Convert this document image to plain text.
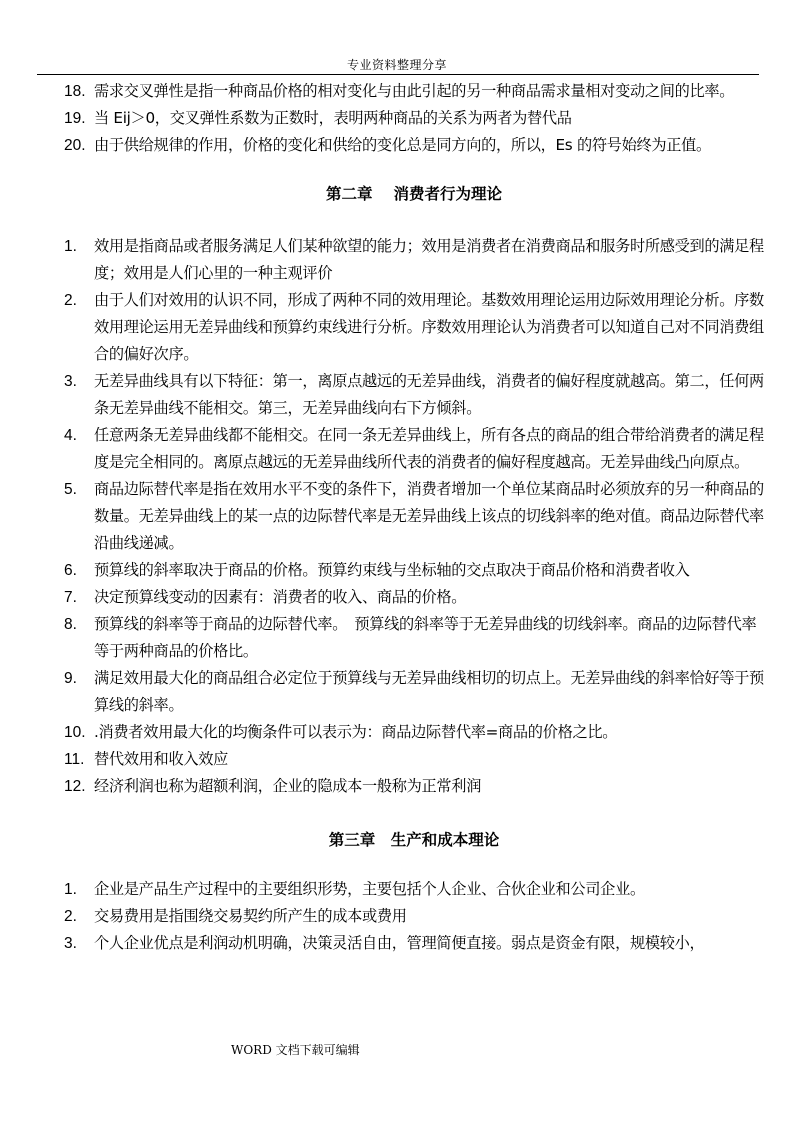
专业资料整理分享
18. 需求交叉弹性是指一种商品价格的相对变化与由此引起的另一种商品需求量相对变动之间的比率。
19. 当 Eij＞0，交叉弹性系数为正数时，表明两种商品的关系为两者为替代品
20. 由于供给规律的作用，价格的变化和供给的变化总是同方向的，所以，Es 的符号始终为正值。
第二章　 消费者行为理论
1.	效用是指商品或者服务满足人们某种欲望的能力；效用是消费者在消费商品和服务时所感受到的满足程度；效用是人们心里的一种主观评价
2.	由于人们对效用的认识不同，形成了两种不同的效用理论。基数效用理论运用边际效用理论分析。序数效用理论运用无差异曲线和预算约束线进行分析。序数效用理论认为消费者可以知道自己对不同消费组合的偏好次序。
3.	无差异曲线具有以下特征：第一，离原点越远的无差异曲线，消费者的偏好程度就越高。第二，任何两条无差异曲线不能相交。第三，无差异曲线向右下方倾斜。
4.	任意两条无差异曲线都不能相交。在同一条无差异曲线上，所有各点的商品的组合带给消费者的满足程度是完全相同的。离原点越远的无差异曲线所代表的消费者的偏好程度越高。无差异曲线凸向原点。
5.	商品边际替代率是指在效用水平不变的条件下，消费者增加一个单位某商品时必须放弃的另一种商品的数量。无差异曲线上的某一点的边际替代率是无差异曲线上该点的切线斜率的绝对值。商品边际替代率沿曲线递减。
6.	预算线的斜率取决于商品的价格。预算约束线与坐标轴的交点取决于商品价格和消费者收入
7.	决定预算线变动的因素有：消费者的收入、商品的价格。
8.	预算线的斜率等于商品的边际替代率。　预算线的斜率等于无差异曲线的切线斜率。商品的边际替代率等于两种商品的价格比。
9.	满足效用最大化的商品组合必定位于预算线与无差异曲线相切的切点上。无差异曲线的斜率恰好等于预算线的斜率。
10. .消费者效用最大化的均衡条件可以表示为：商品边际替代率=商品的价格之比。
11. 替代效用和收入效应
12. 经济利润也称为超额利润，企业的隐成本一般称为正常利润
第三章　生产和成本理论
1.	企业是产品生产过程中的主要组织形势，主要包括个人企业、合伙企业和公司企业。
2.	交易费用是指围绕交易契约所产生的成本或费用
3.	个人企业优点是利润动机明确，决策灵活自由，管理简便直接。弱点是资金有限，规模较小，
WORD 文档下载可编辑
